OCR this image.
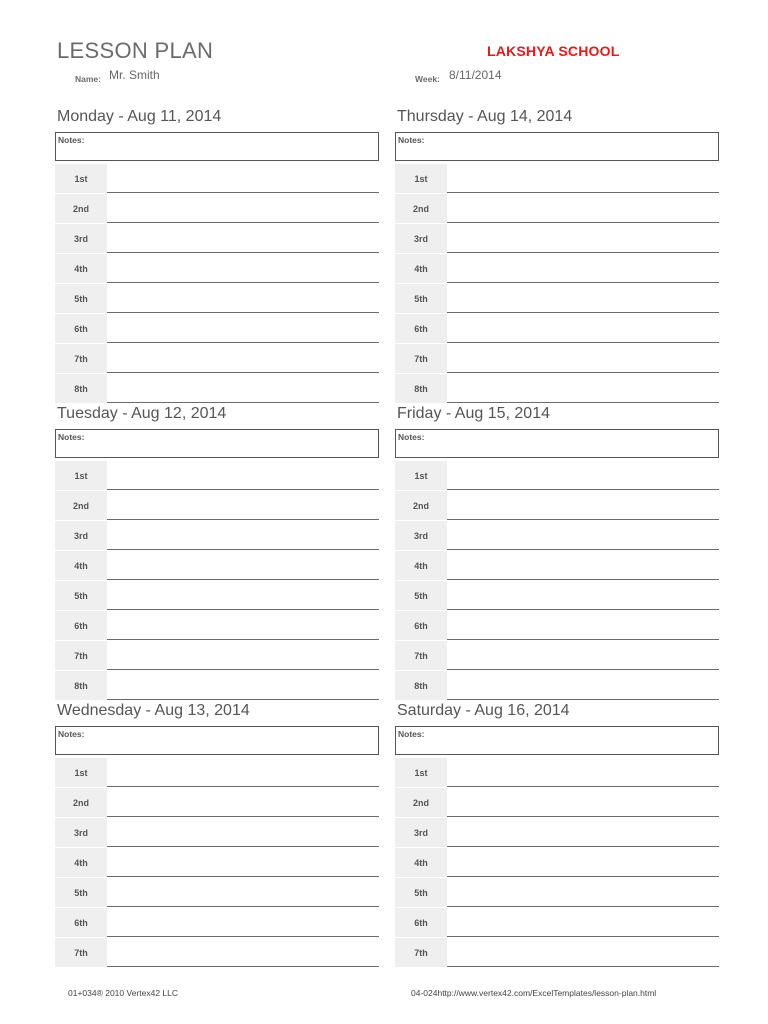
LESSON PLAN	LAKSHYA SCHOOL
Name: Mr. Smith	Week: 8/11/2014
Monday - Aug 11, 2014
Notes:
1st
2nd
3rd
4th
5th
6th
7th
8th
Thursday - Aug 14, 2014
Notes:
1st
2nd
3rd
4th
5th
6th
7th
8th
Tuesday - Aug 12, 2014
Notes:
1st
2nd
3rd
4th
5th
6th
7th
8th
Friday - Aug 15, 2014
Notes:
1st
2nd
3rd
4th
5th
6th
7th
8th
Wednesday - Aug 13, 2014
Notes:
1st
2nd
3rd
4th
5th
6th
7th
Saturday - Aug 16, 2014
Notes:
1st
2nd
3rd
4th
5th
6th
7th
01+034® 2010 Vertex42 LLC	04-024http://www.vertex42.com/ExcelTemplates/lesson-plan.html
